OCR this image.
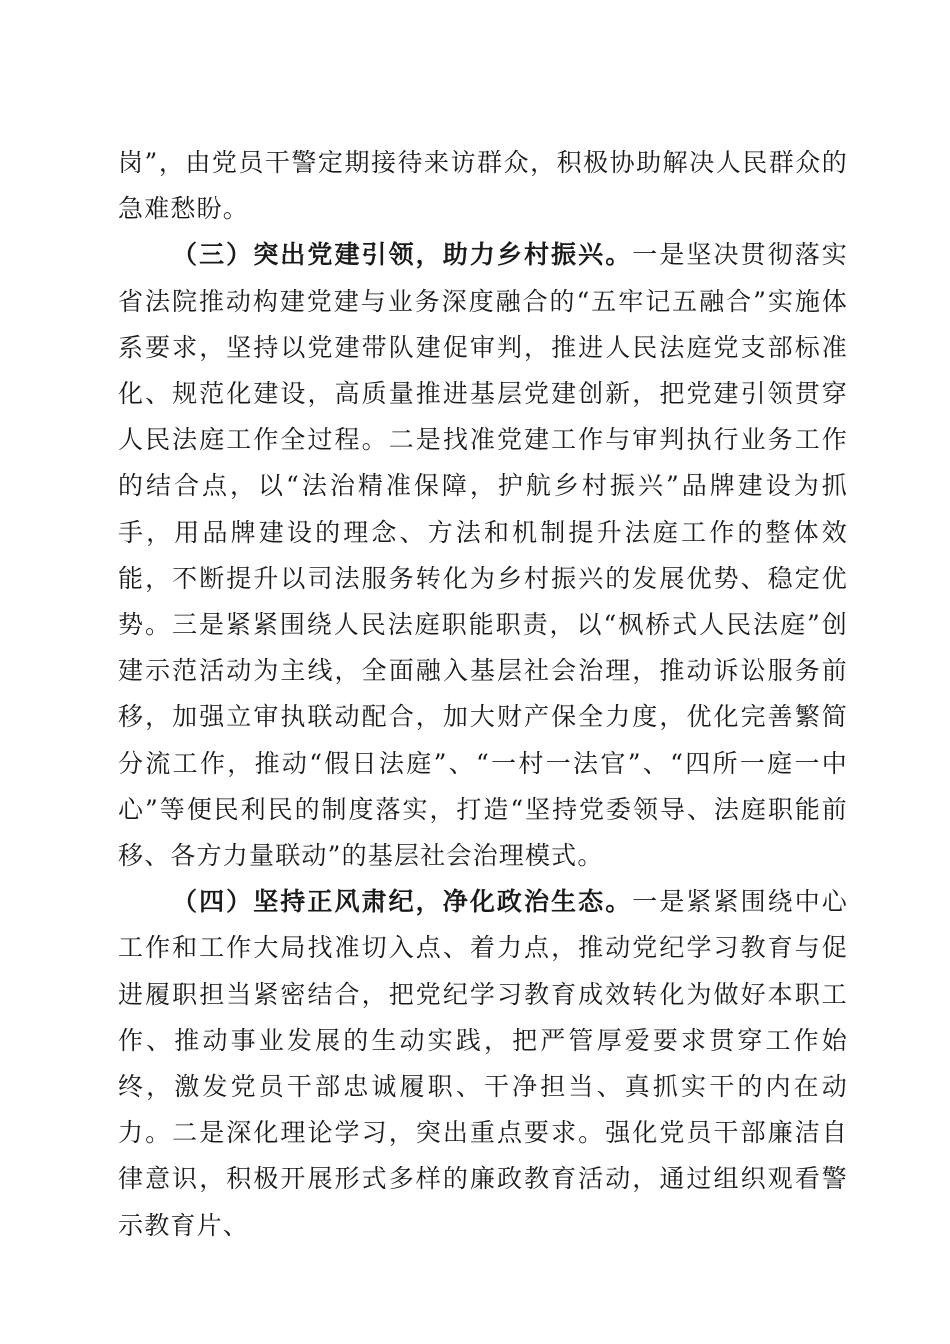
岗”，由党员干警定期接待来访群众，积极协助解决人民群众的急难愁盼。

（三）突出党建引领，助力乡村振兴。一是坚决贯彻落实省法院推动构建党建与业务深度融合的“五牢记五融合”实施体系要求，坚持以党建带队建促审判，推进人民法庭党支部标准化、规范化建设，高质量推进基层党建创新，把党建引领贯穿人民法庭工作全过程。二是找准党建工作与审判执行业务工作的结合点，以“法治精准保障，护航乡村振兴”品牌建设为抓手，用品牌建设的理念、方法和机制提升法庭工作的整体效能，不断提升以司法服务转化为乡村振兴的发展优势、稳定优势。三是紧紧围绕人民法庭职能职责，以“枫桥式人民法庭”创建示范活动为主线，全面融入基层社会治理，推动诉讼服务前移，加强立审执联动配合，加大财产保全力度，优化完善繁简分流工作，推动“假日法庭”、“一村一法官”、“四所一庭一中心”等便民利民的制度落实，打造“坚持党委领导、法庭职能前移、各方力量联动”的基层社会治理模式。

（四）坚持正风肃纪，净化政治生态。一是紧紧围绕中心工作和工作大局找准切入点、着力点，推动党纪学习教育与促进履职担当紧密结合，把党纪学习教育成效转化为做好本职工作、推动事业发展的生动实践，把严管厚爱要求贯穿工作始终，激发党员干部忠诚履职、干净担当、真抓实干的内在动力。二是深化理论学习，突出重点要求。强化党员干部廉洁自律意识，积极开展形式多样的廉政教育活动，通过组织观看警示教育片、
